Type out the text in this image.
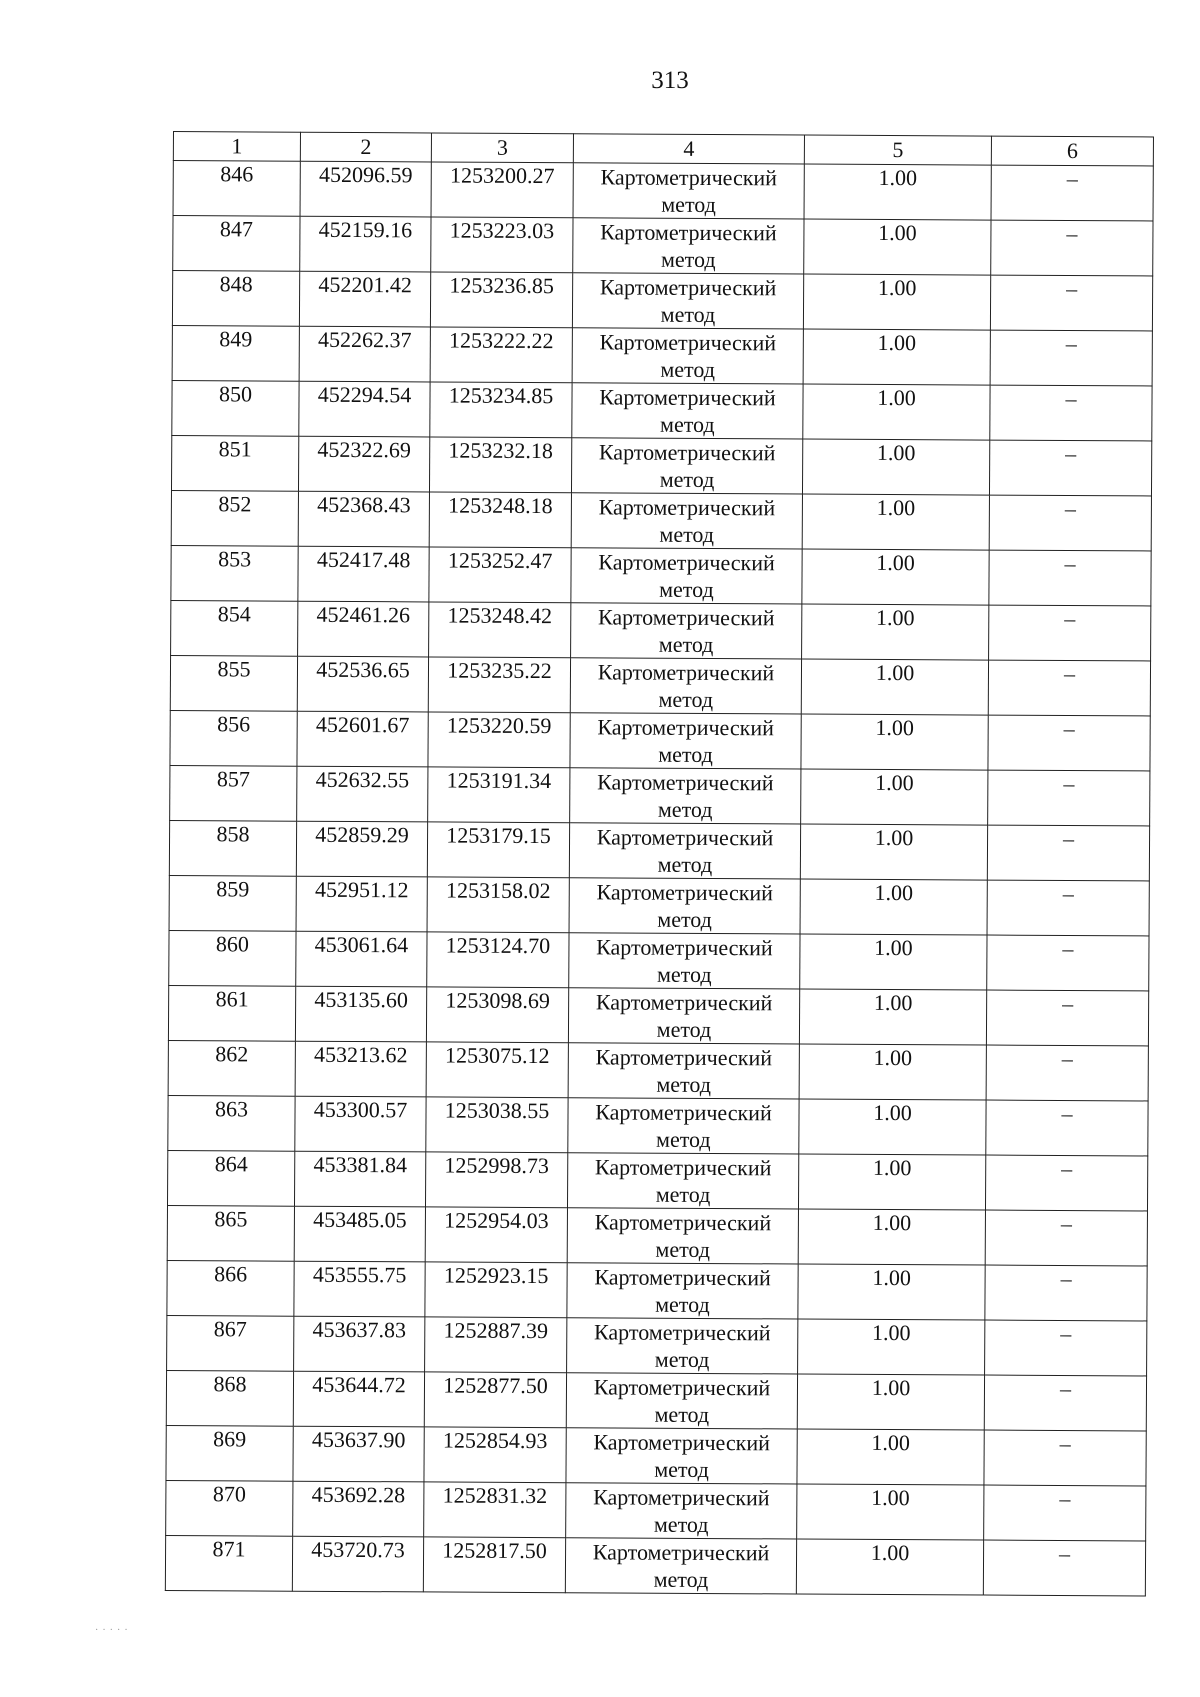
313
1	2	3	4	5	6
846	452096.59	1253200.27	Картометрический
метод	1.00	–
847	452159.16	1253223.03	Картометрический
метод	1.00	–
848	452201.42	1253236.85	Картометрический
метод	1.00	–
849	452262.37	1253222.22	Картометрический
метод	1.00	–
850	452294.54	1253234.85	Картометрический
метод	1.00	–
851	452322.69	1253232.18	Картометрический
метод	1.00	–
852	452368.43	1253248.18	Картометрический
метод	1.00	–
853	452417.48	1253252.47	Картометрический
метод	1.00	–
854	452461.26	1253248.42	Картометрический
метод	1.00	–
855	452536.65	1253235.22	Картометрический
метод	1.00	–
856	452601.67	1253220.59	Картометрический
метод	1.00	–
857	452632.55	1253191.34	Картометрический
метод	1.00	–
858	452859.29	1253179.15	Картометрический
метод	1.00	–
859	452951.12	1253158.02	Картометрический
метод	1.00	–
860	453061.64	1253124.70	Картометрический
метод	1.00	–
861	453135.60	1253098.69	Картометрический
метод	1.00	–
862	453213.62	1253075.12	Картометрический
метод	1.00	–
863	453300.57	1253038.55	Картометрический
метод	1.00	–
864	453381.84	1252998.73	Картометрический
метод	1.00	–
865	453485.05	1252954.03	Картометрический
метод	1.00	–
866	453555.75	1252923.15	Картометрический
метод	1.00	–
867	453637.83	1252887.39	Картометрический
метод	1.00	–
868	453644.72	1252877.50	Картометрический
метод	1.00	–
869	453637.90	1252854.93	Картометрический
метод	1.00	–
870	453692.28	1252831.32	Картометрический
метод	1.00	–
871	453720.73	1252817.50	Картометрический
метод	1.00	–
·····
